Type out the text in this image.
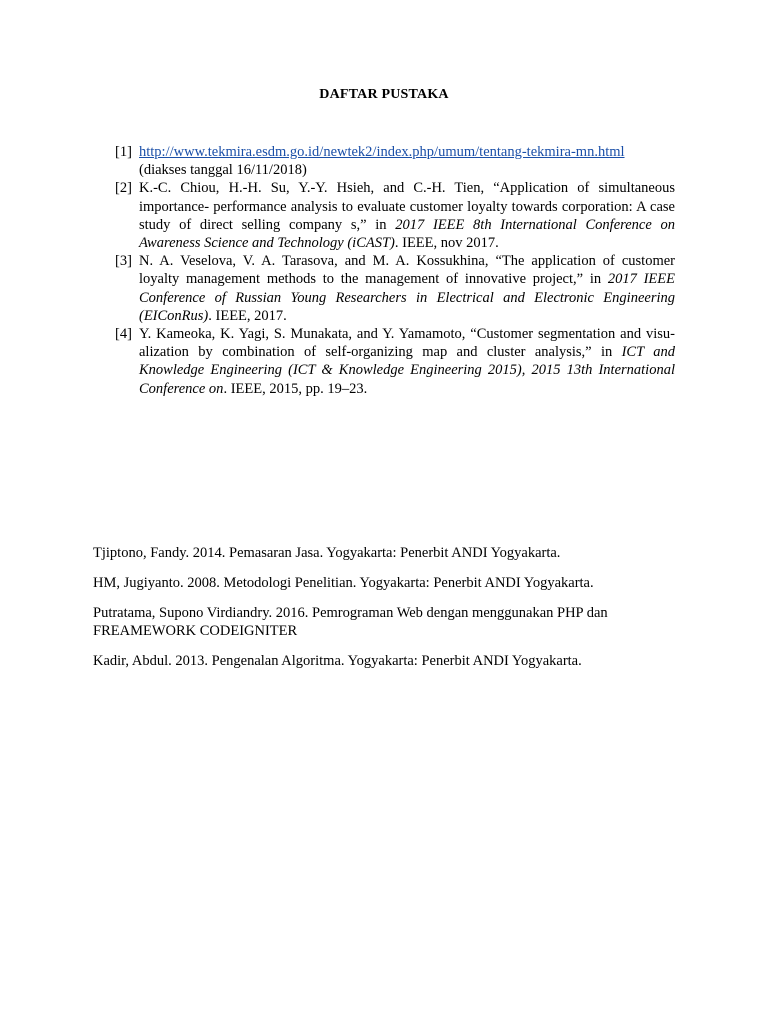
DAFTAR PUSTAKA
[1] http://www.tekmira.esdm.go.id/newtek2/index.php/umum/tentang-tekmira-mn.html
(diakses tanggal 16/11/2018)
[2] K.-C. Chiou, H.-H. Su, Y.-Y. Hsieh, and C.-H. Tien, “Application of simultaneous importance- performance analysis to evaluate customer loyalty towards corporation: A case study of direct selling company s,” in 2017 IEEE 8th International Conference on Awareness Science and Technology (iCAST). IEEE, nov 2017.
[3] N. A. Veselova, V. A. Tarasova, and M. A. Kossukhina, “The application of customer loyalty management methods to the management of innovative project,” in 2017 IEEE Conference of Russian Young Researchers in Electrical and Electronic Engineering (EIConRus). IEEE, 2017.
[4] Y. Kameoka, K. Yagi, S. Munakata, and Y. Yamamoto, “Customer segmentation and visu- alization by combination of self-organizing map and cluster analysis,” in ICT and Knowledge Engineering (ICT & Knowledge Engineering 2015), 2015 13th International Conference on. IEEE, 2015, pp. 19–23.

Tjiptono, Fandy. 2014. Pemasaran Jasa. Yogyakarta: Penerbit ANDI Yogyakarta.

HM, Jugiyanto. 2008. Metodologi Penelitian. Yogyakarta: Penerbit ANDI Yogyakarta.

Putratama, Supono Virdiandry. 2016. Pemrograman Web dengan menggunakan PHP dan FREAMEWORK CODEIGNITER

Kadir, Abdul. 2013. Pengenalan Algoritma. Yogyakarta: Penerbit ANDI Yogyakarta.
